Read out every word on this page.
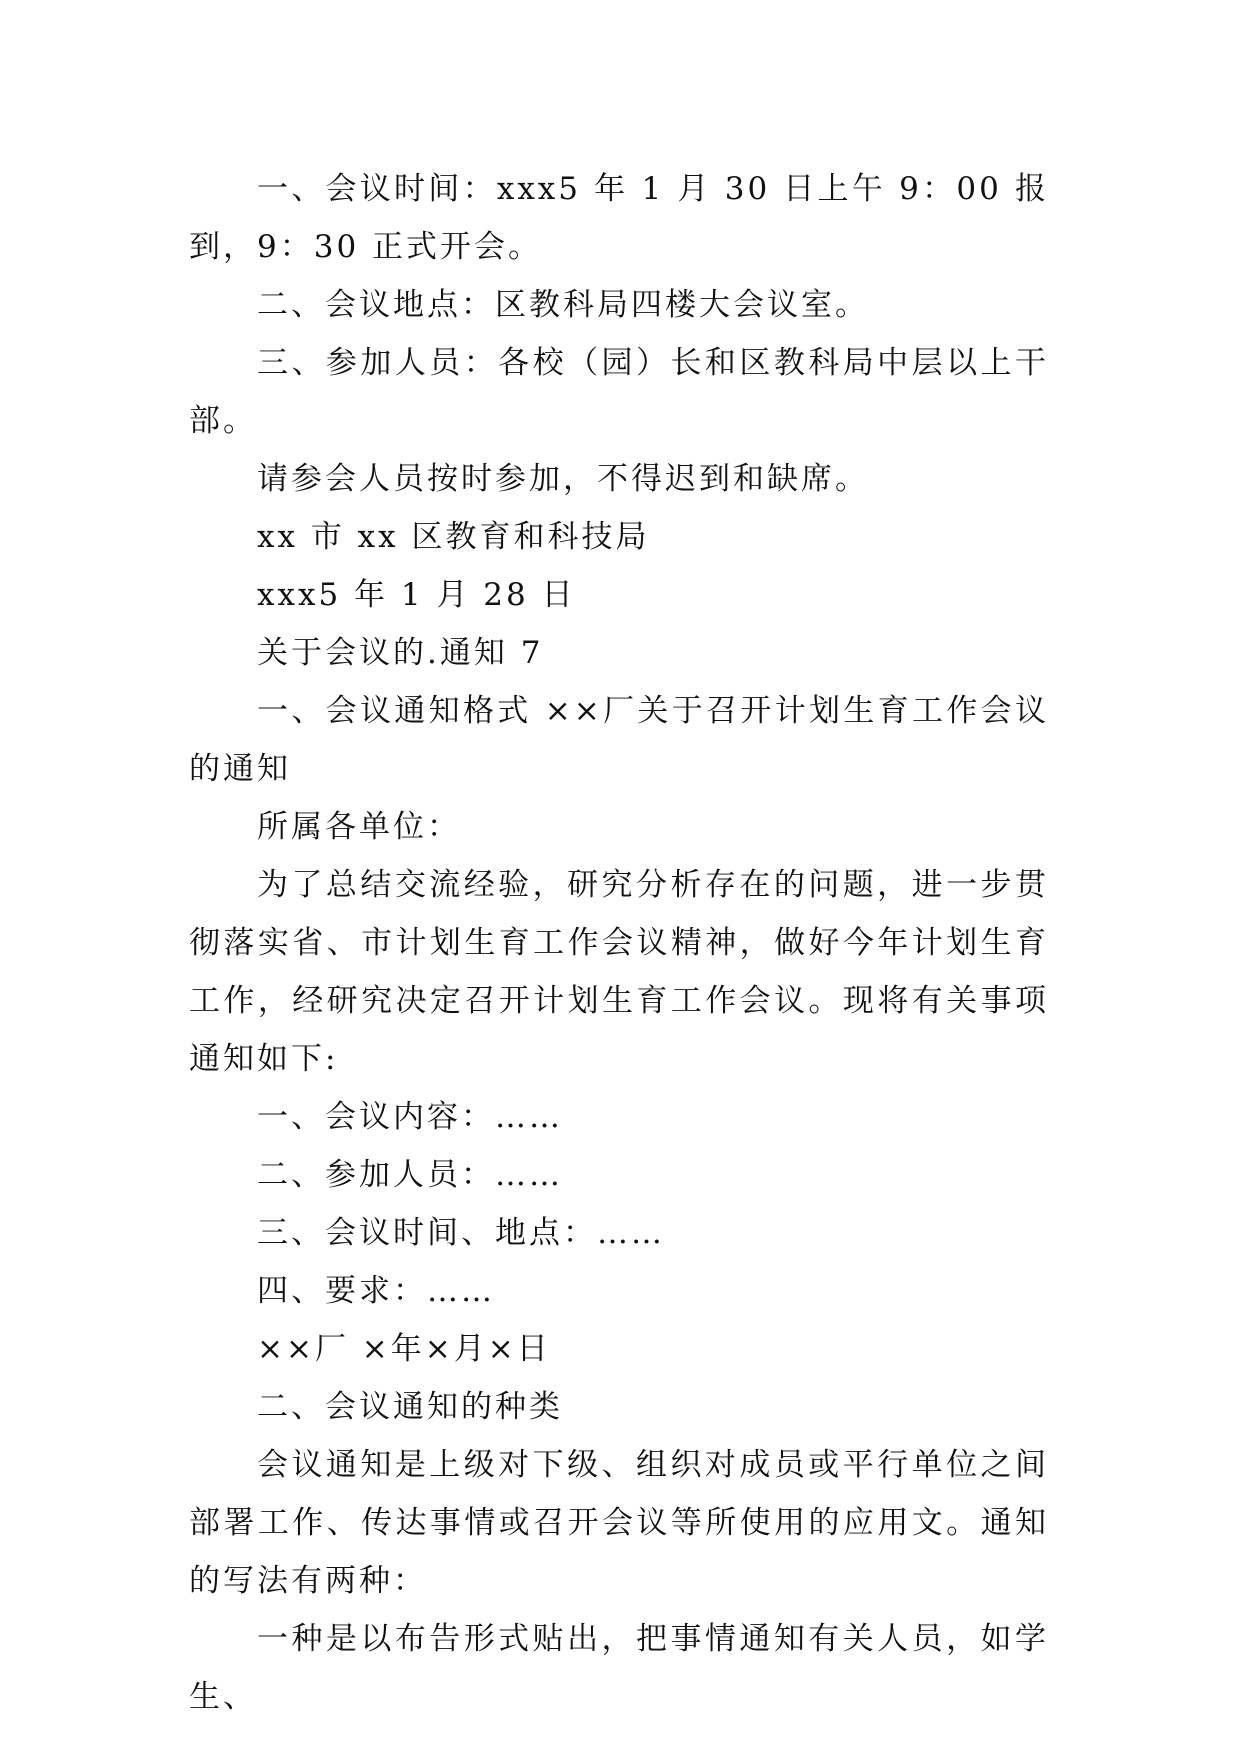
一、会议时间：xxx5 年 1 月 30 日上午 9：00 报到，9：30 正式开会。

二、会议地点：区教科局四楼大会议室。

三、参加人员：各校（园）长和区教科局中层以上干部。

请参会人员按时参加，不得迟到和缺席。

xx 市 xx 区教育和科技局

xxx5 年 1 月 28 日

关于会议的.通知 7

一、会议通知格式 ××厂关于召开计划生育工作会议的通知

所属各单位：

为了总结交流经验，研究分析存在的问题，进一步贯彻落实省、市计划生育工作会议精神，做好今年计划生育工作，经研究决定召开计划生育工作会议。现将有关事项通知如下:

一、会议内容：……

二、参加人员：……

三、会议时间、地点：……

四、要求：……

××厂 ×年×月×日

二、会议通知的种类

会议通知是上级对下级、组织对成员或平行单位之间部署工作、传达事情或召开会议等所使用的应用文。通知的写法有两种：

一种是以布告形式贴出，把事情通知有关人员，如学生、
